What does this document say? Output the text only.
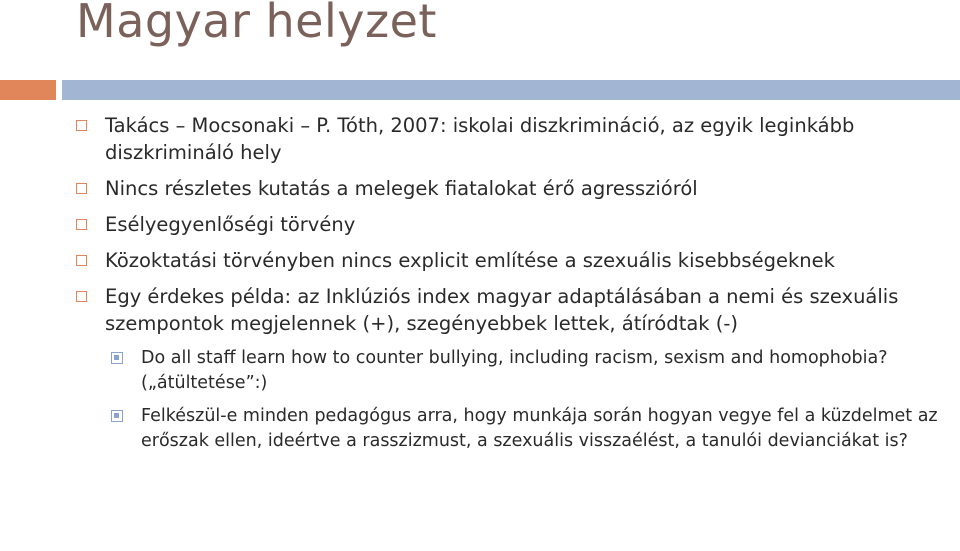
Magyar helyzet
Takács – Mocsonaki – P. Tóth, 2007: iskolai diszkrimináció, az egyik leginkább diszkrimináló hely
Nincs részletes kutatás a melegek fiatalokat érő agresszióról
Esélyegyenlőségi törvény
Közoktatási törvényben nincs explicit említése a szexuális kisebbségeknek
Egy érdekes példa: az Inklúziós index magyar adaptálásában a nemi és szexuális szempontok megjelennek (+), szegényebbek lettek, átíródtak (-)
Do all staff learn how to counter bullying, including racism, sexism and homophobia? („átültetése”:)
Felkészül-e minden pedagógus arra, hogy munkája során hogyan vegye fel a küzdelmet az erőszak ellen, ideértve a rasszizmust, a szexuális visszaélést, a tanulói devianciákat is?
